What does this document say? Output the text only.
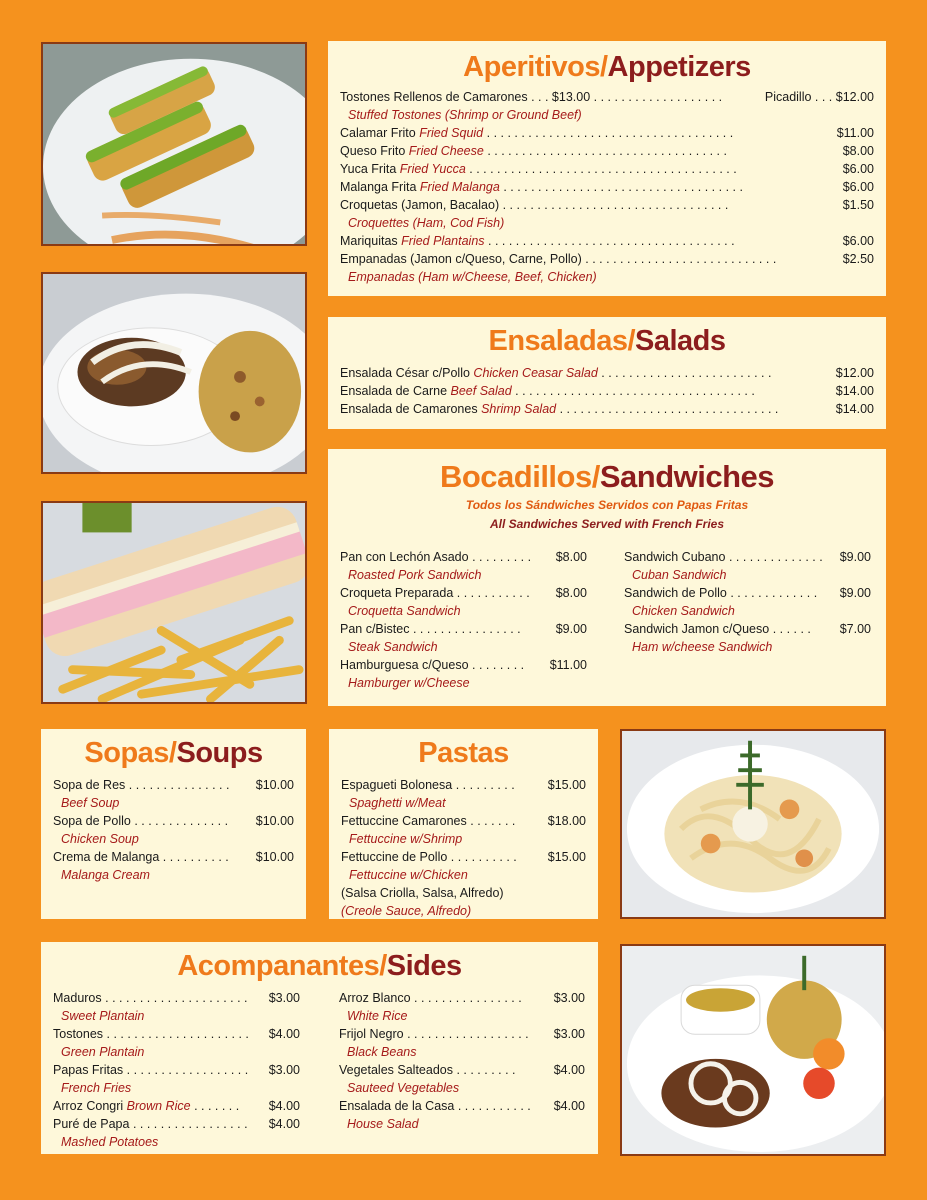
Aperitivos/Appetizers
Tostones Rellenos de Camarones . . . $13.00 . . . . . . . . . . . . . . . . . . .	Picadillo . . . $12.00
Stuffed Tostones (Shrimp or Ground Beef)
Calamar Frito Fried Squid . . . . . . . . . . . . . . . . . . . . . . . . . . . . . . . . . . . .	$11.00
Queso Frito Fried Cheese . . . . . . . . . . . . . . . . . . . . . . . . . . . . . . . . . . .	$8.00
Yuca Frita Fried Yucca . . . . . . . . . . . . . . . . . . . . . . . . . . . . . . . . . . . . . . .	$6.00
Malanga Frita Fried Malanga . . . . . . . . . . . . . . . . . . . . . . . . . . . . . . . . . . .	$6.00
Croquetas (Jamon, Bacalao) . . . . . . . . . . . . . . . . . . . . . . . . . . . . . . . . .	$1.50
Croquettes (Ham, Cod Fish)
Mariquitas Fried Plantains . . . . . . . . . . . . . . . . . . . . . . . . . . . . . . . . . . . .	$6.00
Empanadas (Jamon c/Queso, Carne, Pollo) . . . . . . . . . . . . . . . . . . . . . . . . . . . .	$2.50
Empanadas (Ham w/Cheese, Beef, Chicken)
Ensaladas/Salads
Ensalada César c/Pollo Chicken Ceasar Salad . . . . . . . . . . . . . . . . . . . . . . . . .	$12.00
Ensalada de Carne Beef Salad . . . . . . . . . . . . . . . . . . . . . . . . . . . . . . . . . . .	$14.00
Ensalada de Camarones Shrimp Salad . . . . . . . . . . . . . . . . . . . . . . . . . . . . . . . .	$14.00
Bocadillos/Sandwiches
Todos los Sándwiches Servidos con Papas Fritas
All Sandwiches Served with French Fries
Pan con Lechón Asado . . . . . . . . . $8.00
Roasted Pork Sandwich
Croqueta Preparada . . . . . . . . . . . $8.00
Croquetta Sandwich
Pan c/Bistec . . . . . . . . . . . . . . . .	$9.00
Steak Sandwich
Hamburguesa c/Queso . . . . . . . . $11.00
Hamburger w/Cheese
Sandwich Cubano . . . . . . . . . . . . . . $9.00
Cuban Sandwich
Sandwich de Pollo . . . . . . . . . . . . . $9.00
Chicken Sandwich
Sandwich Jamon c/Queso . . . . . . $7.00
Ham w/cheese Sandwich
Sopas/Soups
Sopa de Res . . . . . . . . . . . . . . . $10.00
Beef Soup
Sopa de Pollo . . . . . . . . . . . . . . $10.00
Chicken Soup
Crema de Malanga . . . . . . . . . . $10.00
Malanga Cream
Pastas
Espagueti Bolonesa . . . . . . . . .	$15.00
Spaghetti w/Meat
Fettuccine Camarones . . . . . . .	$18.00
Fettuccine w/Shrimp
Fettuccine de Pollo . . . . . . . . . . $15.00
Fettuccine w/Chicken
(Salsa Criolla, Salsa, Alfredo)
(Creole Sauce, Alfredo)
Acompanantes/Sides
Maduros . . . . . . . . . . . . . . . . . . . . . $3.00
Sweet Plantain
Tostones . . . . . . . . . . . . . . . . . . . . . $4.00
Green Plantain
Papas Fritas . . . . . . . . . . . . . . . . . . $3.00
French Fries
Arroz Congri Brown Rice . . . . . . . $4.00
Puré de Papa . . . . . . . . . . . . . . . . . $4.00
Mashed Potatoes
Arroz Blanco . . . . . . . . . . . . . . . .	$3.00
White Rice
Frijol Negro . . . . . . . . . . . . . . . . . . $3.00
Black Beans
Vegetales Salteados . . . . . . . . .	$4.00
Sauteed Vegetables
Ensalada de la Casa . . . . . . . . . . . $4.00
House Salad
